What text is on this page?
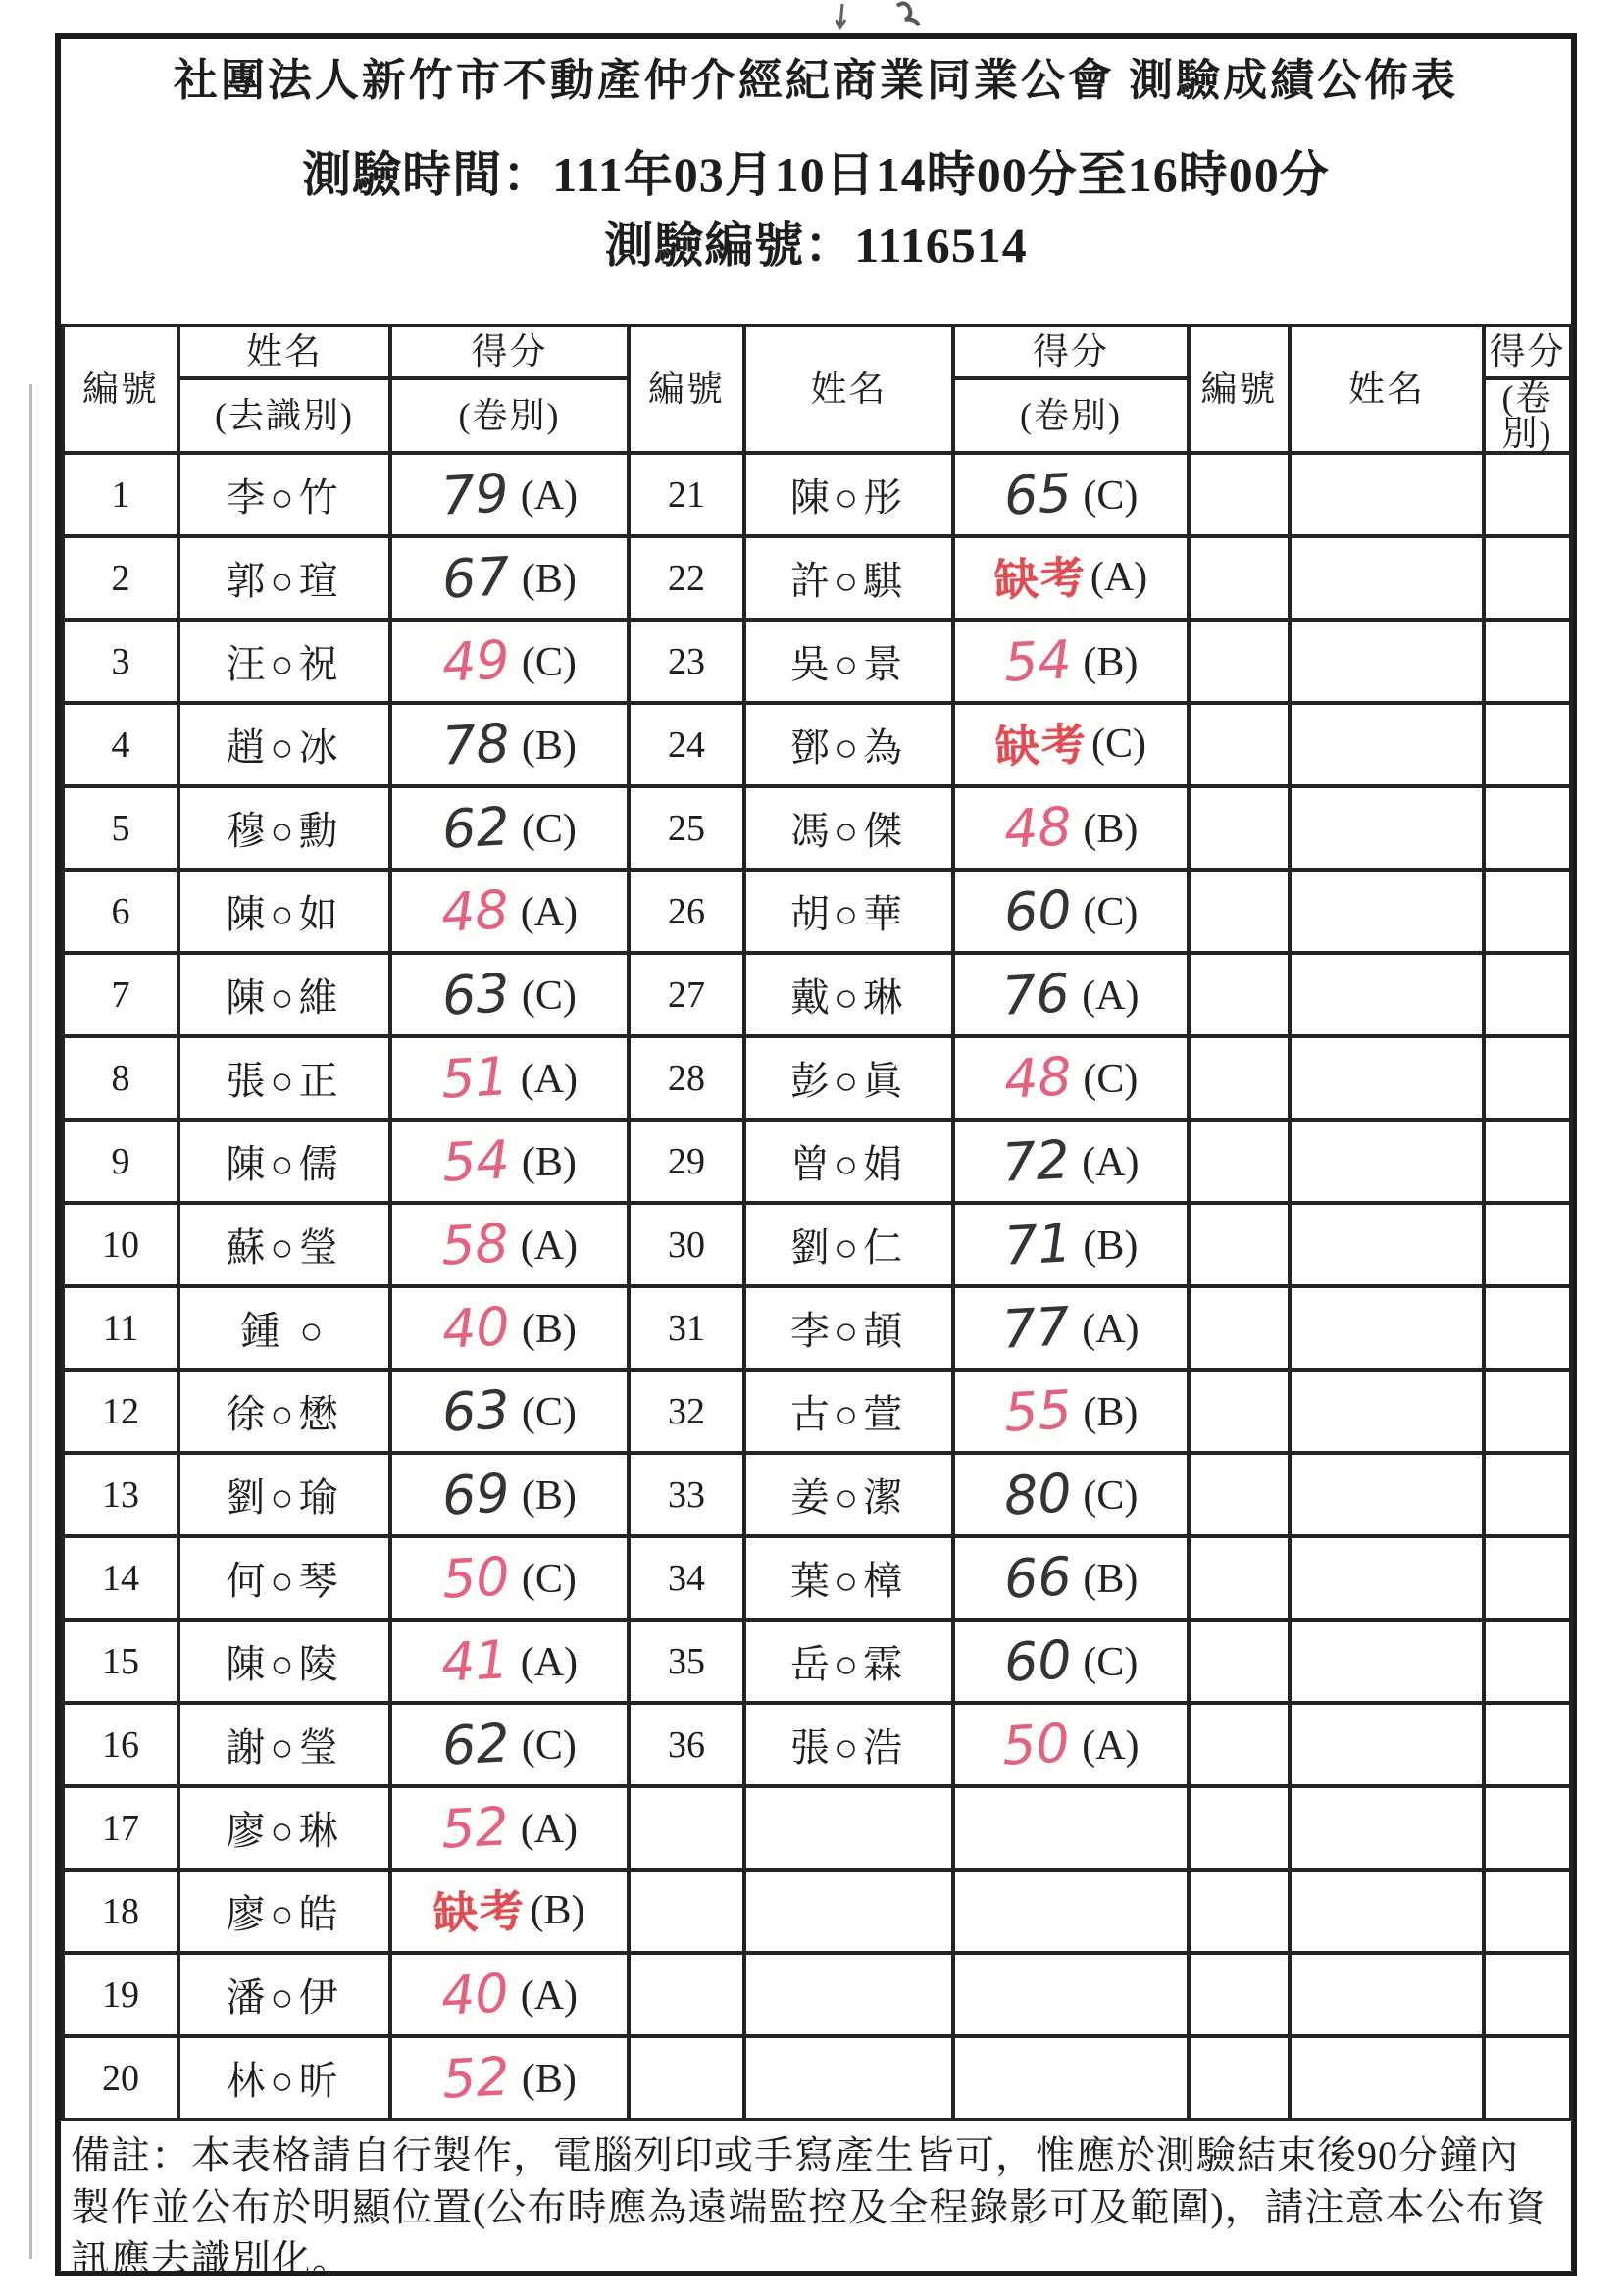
社團法人新竹市不動產仲介經紀商業同業公會 測驗成績公佈表
測驗時間：111年03月10日14時00分至16時00分
測驗編號：1116514
編號	姓名	得分	編號	姓名	得分	編號	姓名	得分
	(去識別)	(卷別)			(卷別)			(卷別)
1	李○竹	79 (A)	21	陳○彤	65 (C)			
2	郭○瑄	67 (B)	22	許○騏	缺考(A)			
3	汪○祝	49 (C)	23	吳○景	54 (B)			
4	趙○冰	78 (B)	24	鄧○為	缺考(C)			
5	穆○勳	62 (C)	25	馮○傑	48 (B)			
6	陳○如	48 (A)	26	胡○華	60 (C)			
7	陳○維	63 (C)	27	戴○琳	76 (A)			
8	張○正	51 (A)	28	彭○眞	48 (C)			
9	陳○儒	54 (B)	29	曾○娟	72 (A)			
10	蘇○瑩	58 (A)	30	劉○仁	71 (B)			
11	鍾 ○	40 (B)	31	李○頡	77 (A)			
12	徐○懋	63 (C)	32	古○萱	55 (B)			
13	劉○瑜	69 (B)	33	姜○潔	80 (C)			
14	何○琴	50 (C)	34	葉○樟	66 (B)			
15	陳○陵	41 (A)	35	岳○霖	60 (C)			
16	謝○瑩	62 (C)	36	張○浩	50 (A)			
17	廖○琳	52 (A)						
18	廖○皓	缺考(B)						
19	潘○伊	40 (A)						
20	林○昕	52 (B)						
備註：本表格請自行製作，電腦列印或手寫產生皆可，惟應於測驗結束後90分鐘內製作並公布於明顯位置(公布時應為遠端監控及全程錄影可及範圍)，請注意本公布資訊應去識別化。
